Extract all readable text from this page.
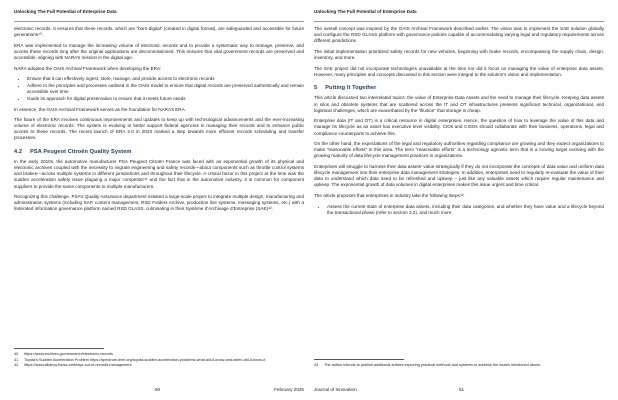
Unlocking The Full Potential of Enterprise Data

electronic records. It ensures that these records, which are “born-digital” (created in digital format), are safeguarded and accessible for future generations⁴⁰.

ERA was implemented to manage the increasing volume of electronic records and to provide a systematic way to manage, preserve, and access these records long after the original applications are decommissioned. This ensures that vital government records are preserved and accessible, aligning with NARA’s mission in the digital age.

NARA adopted the OAIS Archival Framework when developing the ERA:

• Ensure that it can effectively ingest, store, manage, and provide access to electronic records
• Adhere to the principles and processes outlined in the OAIS model to ensure that digital records are preserved authentically and remain accessible over time
• Guide its approach for digital preservation to ensure that it meets future needs

In essence, the OAIS Archival Framework serves as the foundation for NARA’s ERA.

The future of the ERA involves continuous improvements and updates to keep up with technological advancements and the ever-increasing volume of electronic records. The system is evolving to better support federal agencies in managing their records and to enhance public access to these records. The recent launch of ERA 2.0 in 2023 marked a step towards more efficient records scheduling and transfer processes.

4.2 PSA Peugeot Citroën Quality System

In the early 2010s, the automotive manufacturer PSA Peugeot Citroën France was faced with an exponential growth of its physical and electronic archives coupled with the necessity to migrate engineering and safety records—about components such as throttle control systems and brakes—across multiple systems in different jurisdictions and throughout their lifecycle. A critical factor in this project at the time was the sudden acceleration safety issue plaguing a major competitor⁴¹ and the fact that in the automotive industry, it is common for component suppliers to provide the same components to multiple manufacturers.

Recognizing this challenge, PSA’s Quality Assurance department initiated a large-scale project to integrate multiple design, manufacturing and administration systems (including SAP, content management, RSD Folders Archive, production line systems, messaging systems, etc.) with a federated information governance platform named RSD GLASS, culminating in their Système d’Archivage d’Entreprise (SAE)⁴².

40	https://www.archives.gov/research/electronic-records
41	Toyota’s Sudden Acceleration Problem https://spectrum.ieee.org/toyota-sudden-acceleration-problems-what-did-it-know-and-when-did-it-know-it
42	https://www.alliancy.fr/psa-embraye-sur-le-records-management
50	February 2025
Unlocking The Full Potential of Enterprise Data

The overall concept was inspired by the OAIS Archival Framework described earlier. The vision was to implement the SAE solution globally and configure the RSD GLASS platform with governance policies capable of accommodating varying legal and regulatory requirements across different jurisdictions.

The initial implementation prioritized safety records for new vehicles, beginning with brake records, encompassing the supply chain, design, inventory, and more.

The SAE project did not incorporate technologies unavailable at the time nor did it focus on managing the value of enterprise data assets. However, many principles and concepts discussed in this section were integral to the solution’s vision and implementation.

5 Putting It Together

This article discussed two interrelated topics: the value of Enterprise Data Assets and the need to manage their lifecycle. Keeping data assets in silos and obsolete systems that are scattered across the IT and OT infrastructures presents significant technical, organizational, and logistical challenges, which are exacerbated by the “illusion” that storage is cheap.

Enterprise data (IT and OT) is a critical resource in digital enterprises. Hence, the question of how to leverage the value of this data and manage its lifecycle as an asset has executive level visibility. CIOs and CISOs should collaborate with their business, operations, legal and compliance counterparts to achieve this.

On the other hand, the expectations of the legal and regulatory authorities regarding compliance are growing and they expect organizations to make “reasonable efforts” in this area. The term “reasonable efforts” is a technology agnostic term that is a moving target evolving with the growing maturity of data lifecycle management practices in organizations.

Enterprises will struggle to harness their data assets’ value strategically if they do not incorporate the concepts of data value and uniform data lifecycle management into their enterprise data management strategies. In addition, enterprises need to regularly re-evaluate the value of their data to understand which data need to be refreshed and upkeep – just like any valuable assets which require regular maintenance and upkeep. The exponential growth of data volumes in digital enterprises makes this issue urgent and time critical.

The article proposes that enterprises in industry take the following steps⁴³:

• Assess the current state of enterprise data assets, including their data categories, and whether they have value and a lifecycle beyond the transactional phase (refer to section 3.2), and much more.
43	The author intends to publish additional articles exploring practical methods and systems to address the issues mentioned above.
Journal of Innovation	51
